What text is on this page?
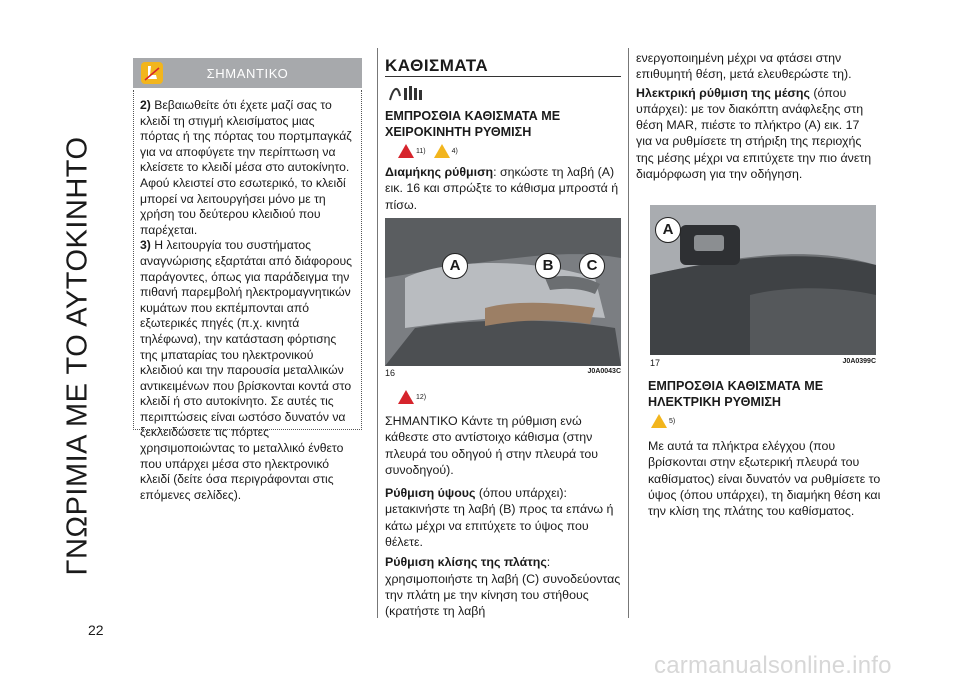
ΓΝΩΡΙΜΙΑ ΜΕ ΤΟ ΑΥΤΟΚΙΝΗΤΟ
22
ΣΗΜΑΝΤΙΚΟ

2) Βεβαιωθείτε ότι έχετε μαζί σας το κλειδί τη στιγμή κλεισίματος μιας πόρτας ή της πόρτας του πορτμπαγκάζ για να αποφύγετε την περίπτωση να κλείσετε το κλειδί μέσα στο αυτοκίνητο. Αφού κλειστεί στο εσωτερικό, το κλειδί μπορεί να λειτουργήσει μόνο με τη χρήση του δεύτερου κλειδιού που παρέχεται.

3) Η λειτουργία του συστήματος αναγνώρισης εξαρτάται από διάφορους παράγοντες, όπως για παράδειγμα την πιθανή παρεμβολή ηλεκτρομαγνητικών κυμάτων που εκπέμπονται από εξωτερικές πηγές (π.χ. κινητά τηλέφωνα), την κατάσταση φόρτισης της μπαταρίας του ηλεκτρονικού κλειδιού και την παρουσία μεταλλικών αντικειμένων που βρίσκονται κοντά στο κλειδί ή στο αυτοκίνητο. Σε αυτές τις περιπτώσεις είναι ωστόσο δυνατόν να ξεκλειδώσετε τις πόρτες χρησιμοποιώντας το μεταλλικό ένθετο που υπάρχει μέσα στο ηλεκτρονικό κλειδί (δείτε όσα περιγράφονται στις επόμενες σελίδες).

ΚΑΘΙΣΜΑΤΑ
ΕΜΠΡΟΣΘΙΑ ΚΑΘΙΣΜΑΤΑ ΜΕ ΧΕΙΡΟΚΙΝΗΤΗ ΡΥΘΜΙΣΗ
11)	4)

Διαμήκης ρύθμιση: σηκώστε τη λαβή (A) εικ. 16 και σπρώξτε το κάθισμα μπροστά ή πίσω.

A	B	C
16	J0A0043C
12)

ΣΗΜΑΝΤΙΚΟ Κάντε τη ρύθμιση ενώ κάθεστε στο αντίστοιχο κάθισμα (στην πλευρά του οδηγού ή στην πλευρά του συνοδηγού).

Ρύθμιση ύψους (όπου υπάρχει): μετακινήστε τη λαβή (B) προς τα επάνω ή κάτω μέχρι να επιτύχετε το ύψος που θέλετε.

Ρύθμιση κλίσης της πλάτης: χρησιμοποιήστε τη λαβή (C) συνοδεύοντας την πλάτη με την κίνηση του στήθους (κρατήστε τη λαβή

ενεργοποιημένη μέχρι να φτάσει στην επιθυμητή θέση, μετά ελευθερώστε τη).

Ηλεκτρική ρύθμιση της μέσης (όπου υπάρχει): με τον διακόπτη ανάφλεξης στη θέση MAR, πιέστε το πλήκτρο (A) εικ. 17 για να ρυθμίσετε τη στήριξη της περιοχής της μέσης μέχρι να επιτύχετε την πιο άνετη διαμόρφωση για την οδήγηση.

A
17	J0A0399C
ΕΜΠΡΟΣΘΙΑ ΚΑΘΙΣΜΑΤΑ ΜΕ ΗΛΕΚΤΡΙΚΗ ΡΥΘΜΙΣΗ
5)
Με αυτά τα πλήκτρα ελέγχου (που βρίσκονται στην εξωτερική πλευρά του καθίσματος) είναι δυνατόν να ρυθμίσετε το ύψος (όπου υπάρχει), τη διαμήκη θέση και την κλίση της πλάτης του καθίσματος.
carmanualsonline.info
